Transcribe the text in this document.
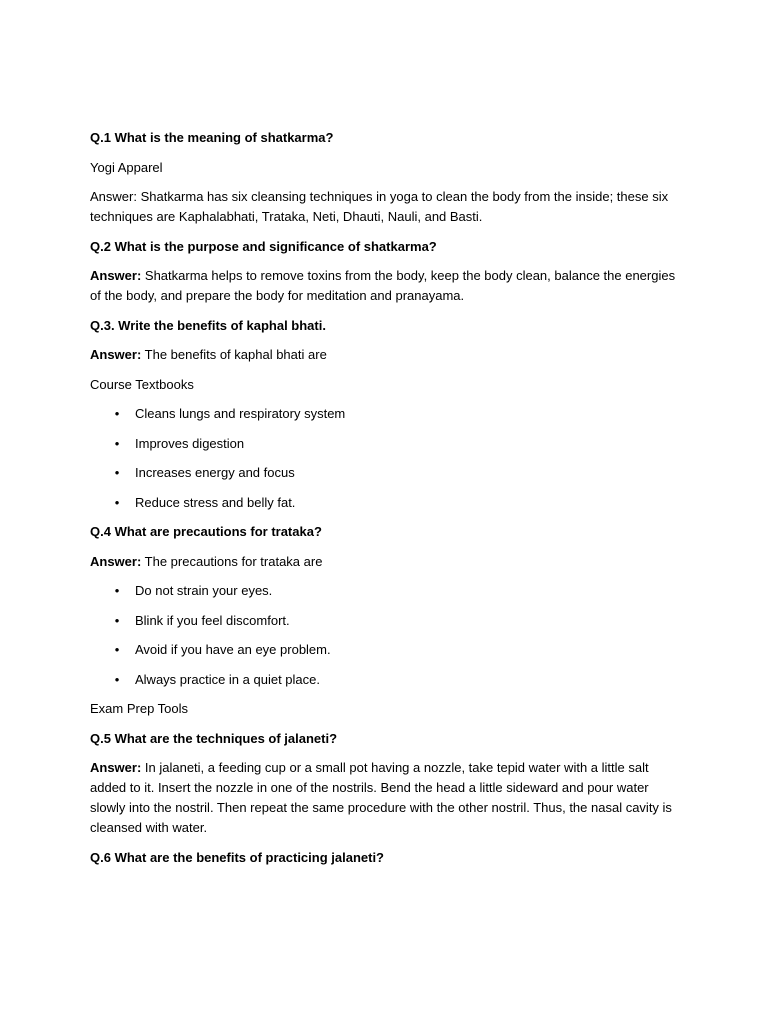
Q.1 What is the meaning of shatkarma?

Yogi Apparel

Answer: Shatkarma has six cleansing techniques in yoga to clean the body from the inside; these six techniques are Kaphalabhati, Trataka, Neti, Dhauti, Nauli, and Basti.

Q.2 What is the purpose and significance of shatkarma?

Answer: Shatkarma helps to remove toxins from the body, keep the body clean, balance the energies of the body, and prepare the body for meditation and pranayama.

Q.3. Write the benefits of kaphal bhati.

Answer: The benefits of kaphal bhati are

Course Textbooks

• Cleans lungs and respiratory system
• Improves digestion
• Increases energy and focus
• Reduce stress and belly fat.

Q.4 What are precautions for trataka?

Answer: The precautions for trataka are

• Do not strain your eyes.
• Blink if you feel discomfort.
• Avoid if you have an eye problem.
• Always practice in a quiet place.

Exam Prep Tools

Q.5 What are the techniques of jalaneti?

Answer: In jalaneti, a feeding cup or a small pot having a nozzle, take tepid water with a little salt added to it. Insert the nozzle in one of the nostrils. Bend the head a little sideward and pour water slowly into the nostril. Then repeat the same procedure with the other nostril. Thus, the nasal cavity is cleansed with water.

Q.6 What are the benefits of practicing jalaneti?
